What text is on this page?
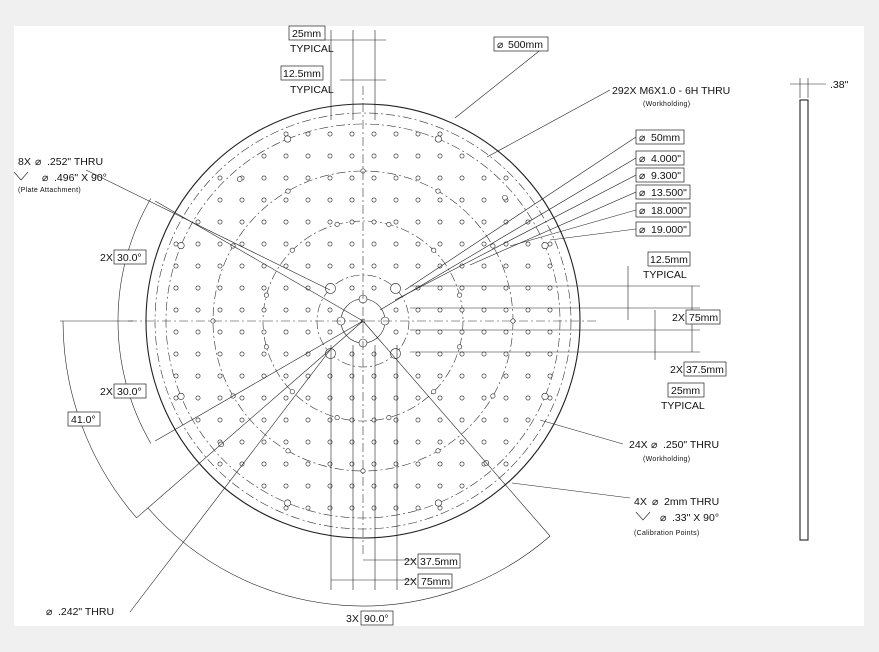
.38"
25mm
TYPICAL
12.5mm
TYPICAL
⌀ 500mm
292X M6X1.0 - 6H THRU
(Workholding)
⌀ 50mm
⌀ 4.000"
⌀ 9.300"
⌀ 13.500"
⌀ 18.000"
⌀ 19.000"
8X ⌀ .252" THRU
⌀ .496" X 90°
(Plate Attachment)
12.5mm
TYPICAL
2X 75mm
2X 37.5mm
25mm
TYPICAL
24X ⌀ .250" THRU
(Workholding)
4X ⌀ 2mm THRU
⌀ .33" X 90°
(Calibration Points)
2X 30.0°
2X 30.0°
41.0°
2X 37.5mm
2X 75mm
3X 90.0°
⌀ .242" THRU
